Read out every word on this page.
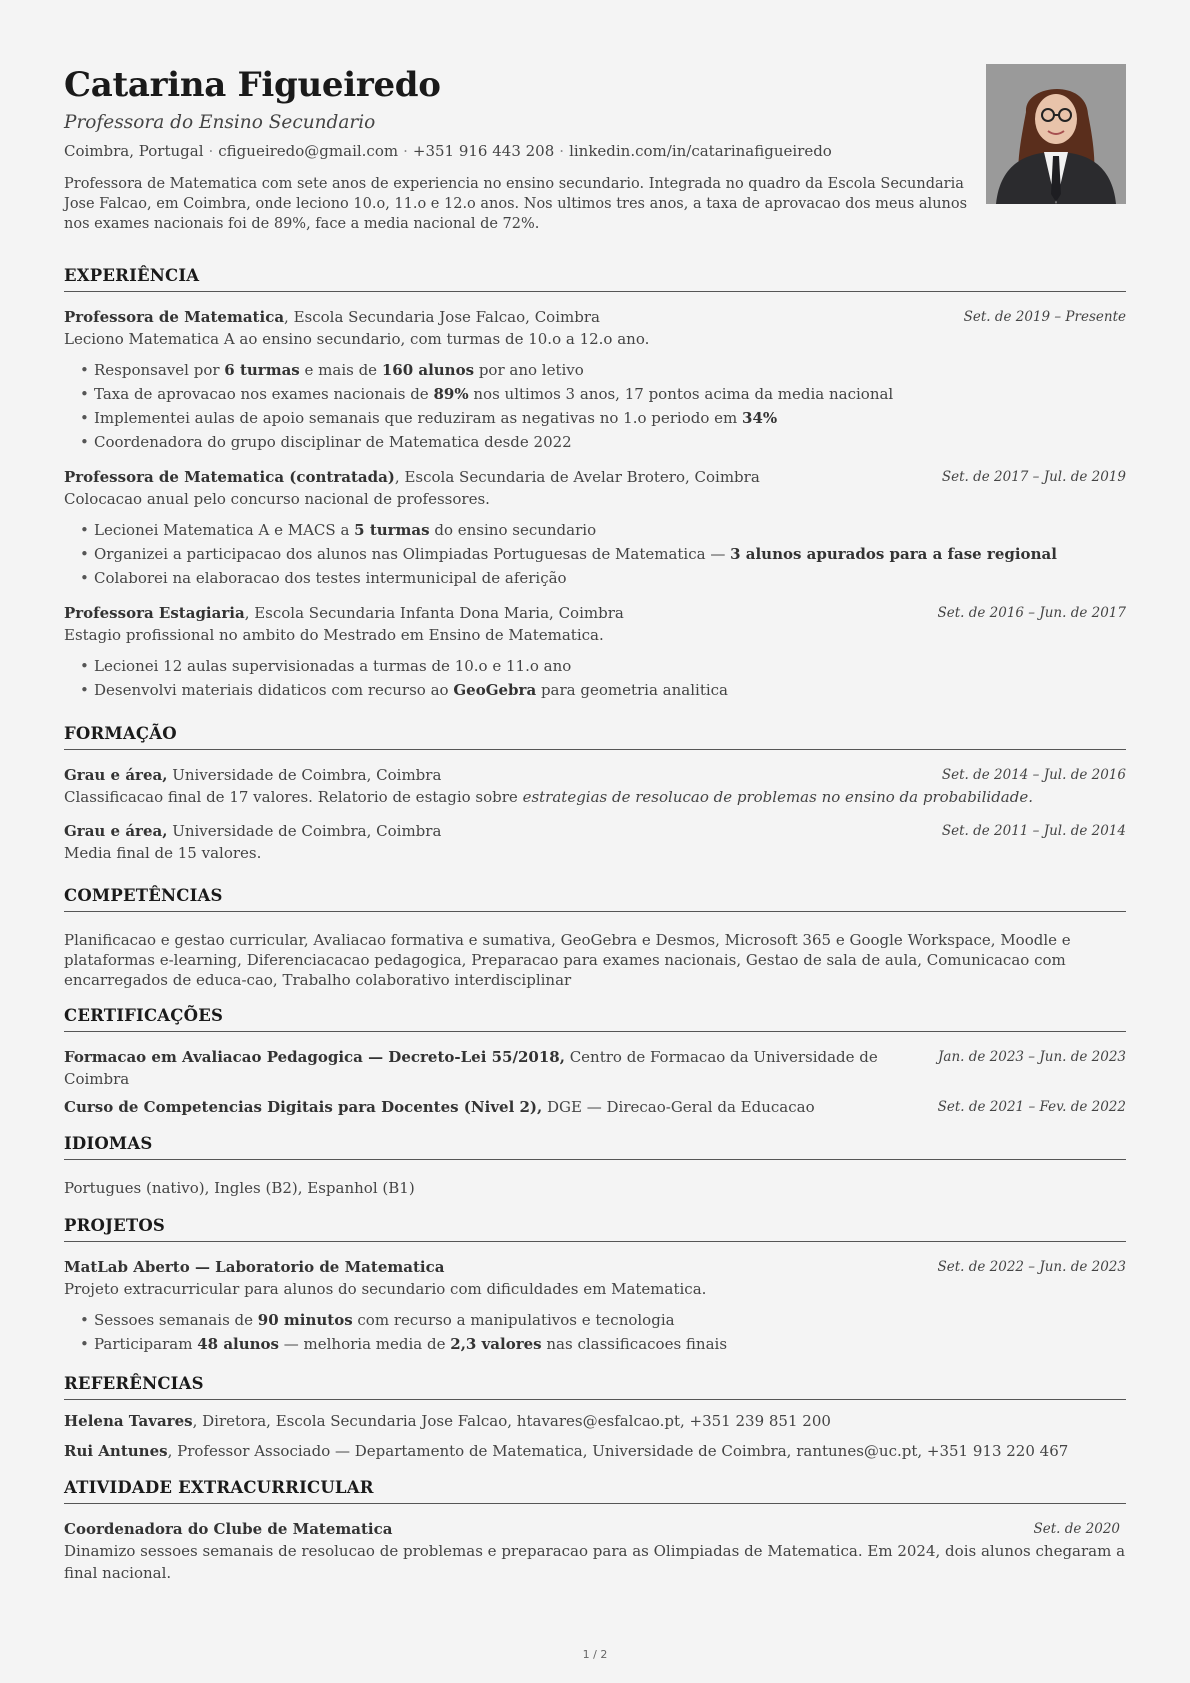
Catarina Figueiredo
Professora do Ensino Secundario
Coimbra, Portugal · cfigueiredo@gmail.com · +351 916 443 208 · linkedin.com/in/catarinafigueiredo
Professora de Matematica com sete anos de experiencia no ensino secundario. Integrada no quadro da Escola Secundaria Jose Falcao, em Coimbra, onde leciono 10.o, 11.o e 12.o anos. Nos ultimos tres anos, a taxa de aprovacao dos meus alunos nos exames nacionais foi de 89%, face a media nacional de 72%.
EXPERIÊNCIA
Professora de Matematica, Escola Secundaria Jose Falcao, Coimbra	Set. de 2019 – Presente
Leciono Matematica A ao ensino secundario, com turmas de 10.o a 12.o ano.
• Responsavel por 6 turmas e mais de 160 alunos por ano letivo
• Taxa de aprovacao nos exames nacionais de 89% nos ultimos 3 anos, 17 pontos acima da media nacional
• Implementei aulas de apoio semanais que reduziram as negativas no 1.o periodo em 34%
• Coordenadora do grupo disciplinar de Matematica desde 2022
Professora de Matematica (contratada), Escola Secundaria de Avelar Brotero, Coimbra	Set. de 2017 – Jul. de 2019
Colocacao anual pelo concurso nacional de professores.
• Lecionei Matematica A e MACS a 5 turmas do ensino secundario
• Organizei a participacao dos alunos nas Olimpiadas Portuguesas de Matematica — 3 alunos apurados para a fase regional
• Colaborei na elaboracao dos testes intermunicipal de aferição
Professora Estagiaria, Escola Secundaria Infanta Dona Maria, Coimbra	Set. de 2016 – Jun. de 2017
Estagio profissional no ambito do Mestrado em Ensino de Matematica.
• Lecionei 12 aulas supervisionadas a turmas de 10.o e 11.o ano
• Desenvolvi materiais didaticos com recurso ao GeoGebra para geometria analitica
FORMAÇÃO
Grau e área, Universidade de Coimbra, Coimbra	Set. de 2014 – Jul. de 2016
Classificacao final de 17 valores. Relatorio de estagio sobre estrategias de resolucao de problemas no ensino da probabilidade.
Grau e área, Universidade de Coimbra, Coimbra	Set. de 2011 – Jul. de 2014
Media final de 15 valores.
COMPETÊNCIAS
Planificacao e gestao curricular, Avaliacao formativa e sumativa, GeoGebra e Desmos, Microsoft 365 e Google Workspace, Moodle e plataformas e-learning, Diferenciacacao pedagogica, Preparacao para exames nacionais, Gestao de sala de aula, Comunicacao com encarregados de educa-cao, Trabalho colaborativo interdisciplinar
CERTIFICAÇÕES
Formacao em Avaliacao Pedagogica — Decreto-Lei 55/2018, Centro de Formacao da Universidade de Coimbra
Jan. de 2023 – Jun. de 2023
Curso de Competencias Digitais para Docentes (Nivel 2), DGE — Direcao-Geral da Educacao	Set. de 2021 – Fev. de 2022
IDIOMAS
Portugues (nativo), Ingles (B2), Espanhol (B1)
PROJETOS
MatLab Aberto — Laboratorio de Matematica	Set. de 2022 – Jun. de 2023
Projeto extracurricular para alunos do secundario com dificuldades em Matematica.
• Sessoes semanais de 90 minutos com recurso a manipulativos e tecnologia
• Participaram 48 alunos — melhoria media de 2,3 valores nas classificacoes finais
REFERÊNCIAS
Helena Tavares, Diretora, Escola Secundaria Jose Falcao, htavares@esfalcao.pt, +351 239 851 200
Rui Antunes, Professor Associado — Departamento de Matematica, Universidade de Coimbra, rantunes@uc.pt, +351 913 220 467
ATIVIDADE EXTRACURRICULAR
Coordenadora do Clube de Matematica	Set. de 2020
Dinamizo sessoes semanais de resolucao de problemas e preparacao para as Olimpiadas de Matematica. Em 2024, dois alunos chegaram a final nacional.
1 / 2
